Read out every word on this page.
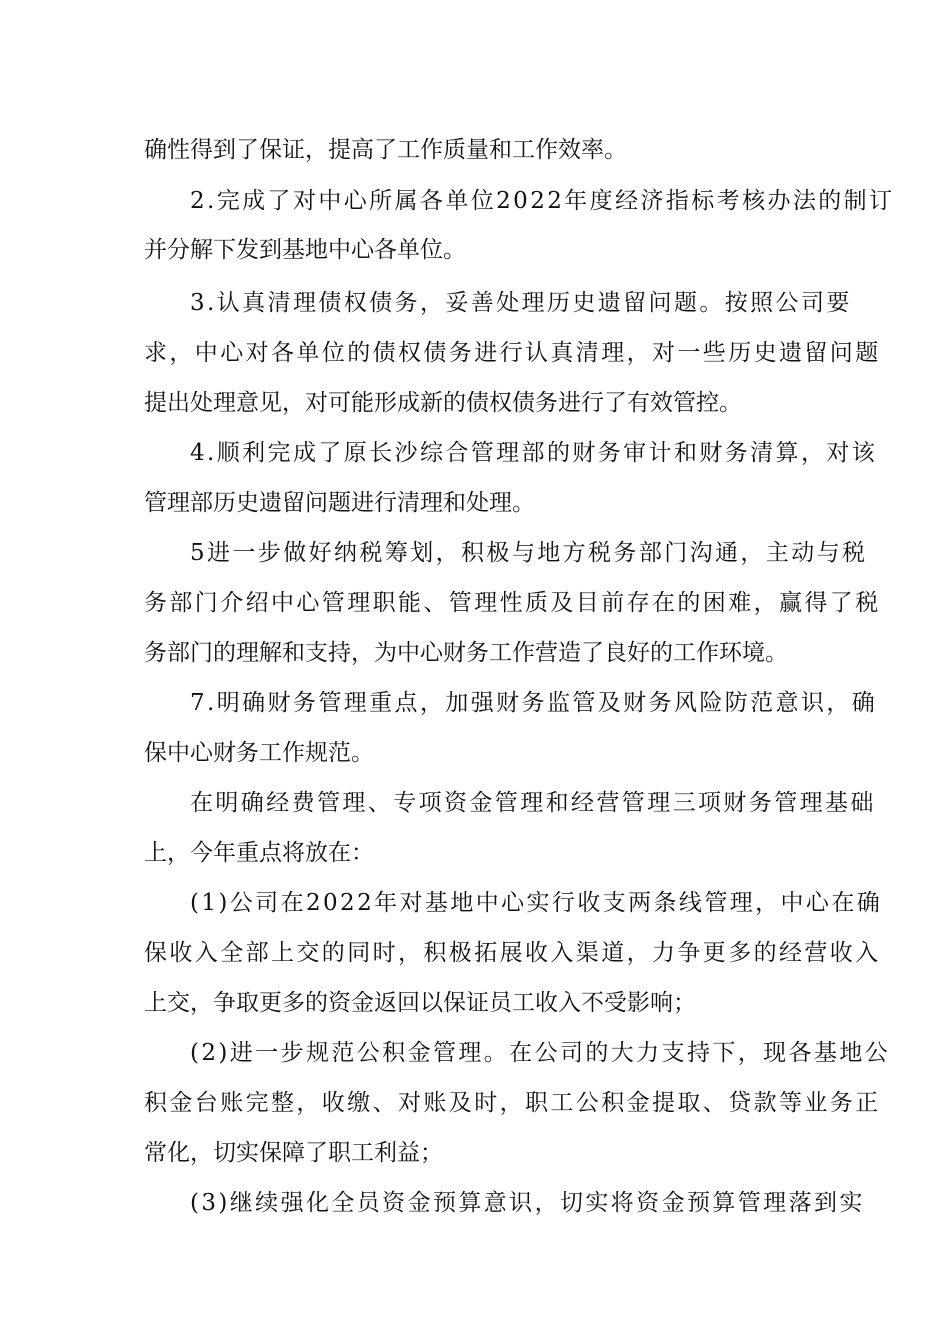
确性得到了保证，提高了工作质量和工作效率。
2.完成了对中心所属各单位2022年度经济指标考核办法的制订
并分解下发到基地中心各单位。
3.认真清理债权债务，妥善处理历史遗留问题。按照公司要
求，中心对各单位的债权债务进行认真清理，对一些历史遗留问题
提出处理意见，对可能形成新的债权债务进行了有效管控。
4.顺利完成了原长沙综合管理部的财务审计和财务清算，对该
管理部历史遗留问题进行清理和处理。
5进一步做好纳税筹划，积极与地方税务部门沟通，主动与税
务部门介绍中心管理职能、管理性质及目前存在的困难，赢得了税
务部门的理解和支持，为中心财务工作营造了良好的工作环境。
7.明确财务管理重点，加强财务监管及财务风险防范意识，确
保中心财务工作规范。
在明确经费管理、专项资金管理和经营管理三项财务管理基础
上，今年重点将放在：
(1)公司在2022年对基地中心实行收支两条线管理，中心在确
保收入全部上交的同时，积极拓展收入渠道，力争更多的经营收入
上交，争取更多的资金返回以保证员工收入不受影响；
(2)进一步规范公积金管理。在公司的大力支持下，现各基地公
积金台账完整，收缴、对账及时，职工公积金提取、贷款等业务正
常化，切实保障了职工利益；
(3)继续强化全员资金预算意识，切实将资金预算管理落到实
